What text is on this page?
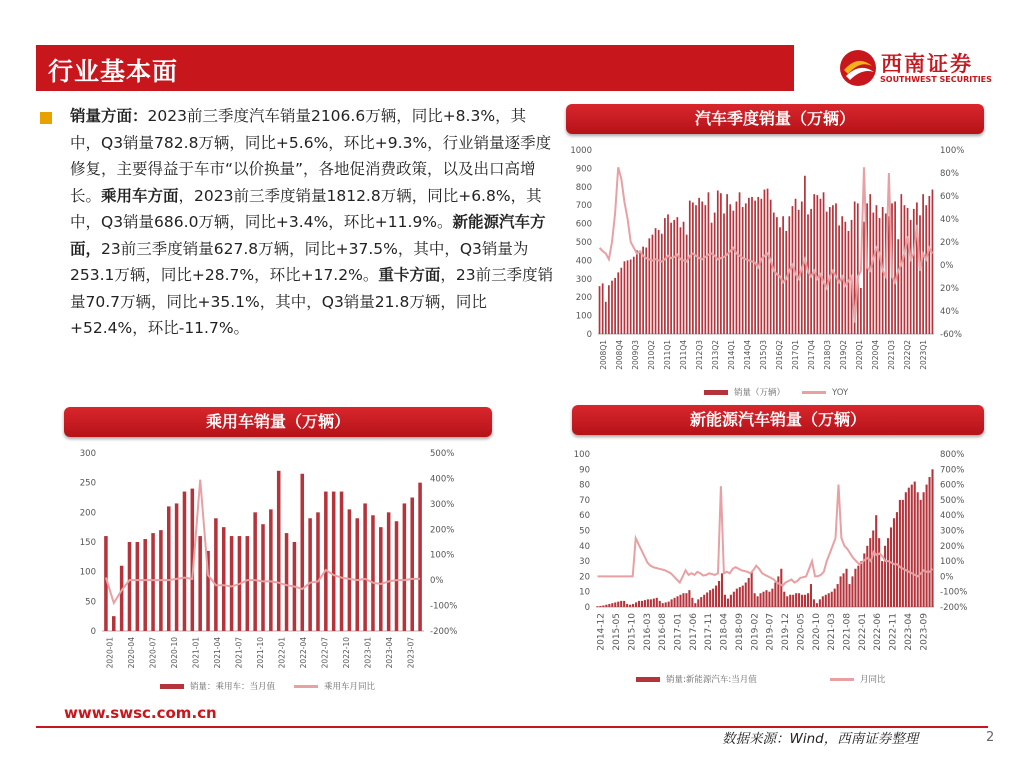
行业基本面	西南证券
SOUTHWEST SECURITIES
销量方面：2023前三季度汽车销量2106.6万辆，同比+8.3%，其中，Q3销量782.8万辆，同比+5.6%，环比+9.3%，行业销量逐季度修复，主要得益于车市“以价换量”，各地促消费政策，以及出口高增长。乘用车方面，2023前三季度销量1812.8万辆，同比+6.8%，其中，Q3销量686.0万辆，同比+3.4%，环比+11.9%。新能源汽车方面，23前三季度销量627.8万辆，同比+37.5%，其中，Q3销量为253.1万辆，同比+28.7%，环比+17.2%。重卡方面，23前三季度销量70.7万辆，同比+35.1%，其中，Q3销量21.8万辆，同比+52.4%，环比-11.7%。
汽车季度销量（万辆）
乘用车销量（万辆）	新能源汽车销量（万辆）
1000
900
800
700
600
500
400
300
200
100
0
100%
80%
60%
40%
20%
0%
20%
40%
-60%
2008Q1 2008Q4 2009Q3 2010Q2 2011Q1 2011Q4 2012Q3 2013Q2 2014Q1 2014Q4 2015Q3 2016Q2 2017Q1 2017Q4 2018Q3 2019Q2 2020Q1 2020Q4 2021Q3 2022Q2 2023Q1
销量（万辆）	YOY
300
250
200
150
100
50
0
500%
400%
300%
200%
100%
0%
-100%
-200%
2020-01 2020-04 2020-07 2020-10 2021-01 2021-04 2021-07 2021-10 2022-01 2022-04 2022-07 2022-10 2023-01 2023-04 2023-07
销量：乘用车：当月值	乘用车月同比
100
90
80
70
60
50
40
30
20
10
0
800%
700%
600%
500%
400%
300%
200%
100%
0%
-100%
-200%
2014-12 2015-05 2015-10 2016-03 2016-08 2017-01 2017-06 2017-11 2018-04 2018-09 2019-02 2019-07 2019-12 2020-05 2020-10 2021-03 2021-08 2022-01 2022-06 2022-11 2023-04 2023-09
销量:新能源汽车:当月值	月同比
www.swsc.com.cn
数据来源：Wind，西南证券整理	2
